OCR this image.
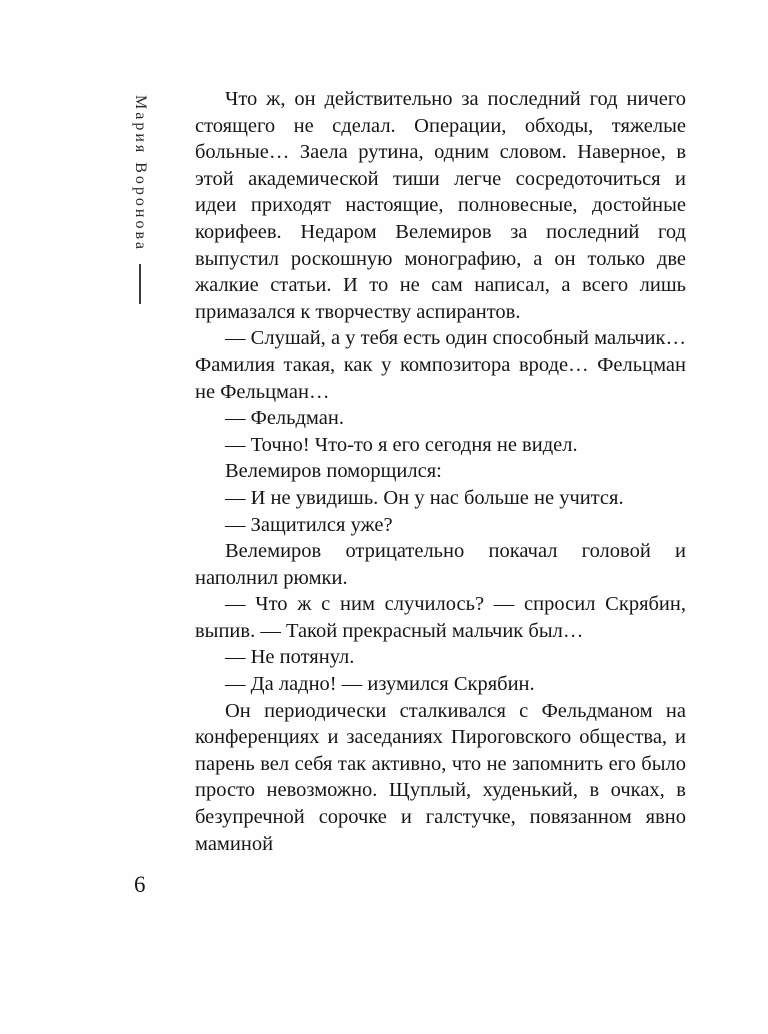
Мария Воронова	Что ж, он действительно за последний год ничего стоящего не сделал. Операции, обходы, тяжелые больные… Заела рутина, одним словом. Наверное, в этой академической тиши легче сосредоточиться и идеи приходят настоящие, полновесные, достойные корифеев. Недаром Велемиров за последний год выпустил роскошную монографию, а он только две жалкие статьи. И то не сам написал, а всего лишь примазался к творчеству аспирантов.

— Слушай, а у тебя есть один способный мальчик… Фамилия такая, как у композитора вроде… Фельцман не Фельцман…

— Фельдман.

— Точно! Что-то я его сегодня не видел.

Велемиров поморщился:

— И не увидишь. Он у нас больше не учится.

— Защитился уже?

Велемиров отрицательно покачал головой и наполнил рюмки.

— Что ж с ним случилось? — спросил Скрябин, выпив. — Такой прекрасный мальчик был…

— Не потянул.

— Да ладно! — изумился Скрябин.

Он периодически сталкивался с Фельдманом на конференциях и заседаниях Пироговского общества, и парень вел себя так активно, что не запомнить его было просто невозможно. Щуплый, худенький, в очках, в безупречной сорочке и галстучке, повязанном явно маминой

6
